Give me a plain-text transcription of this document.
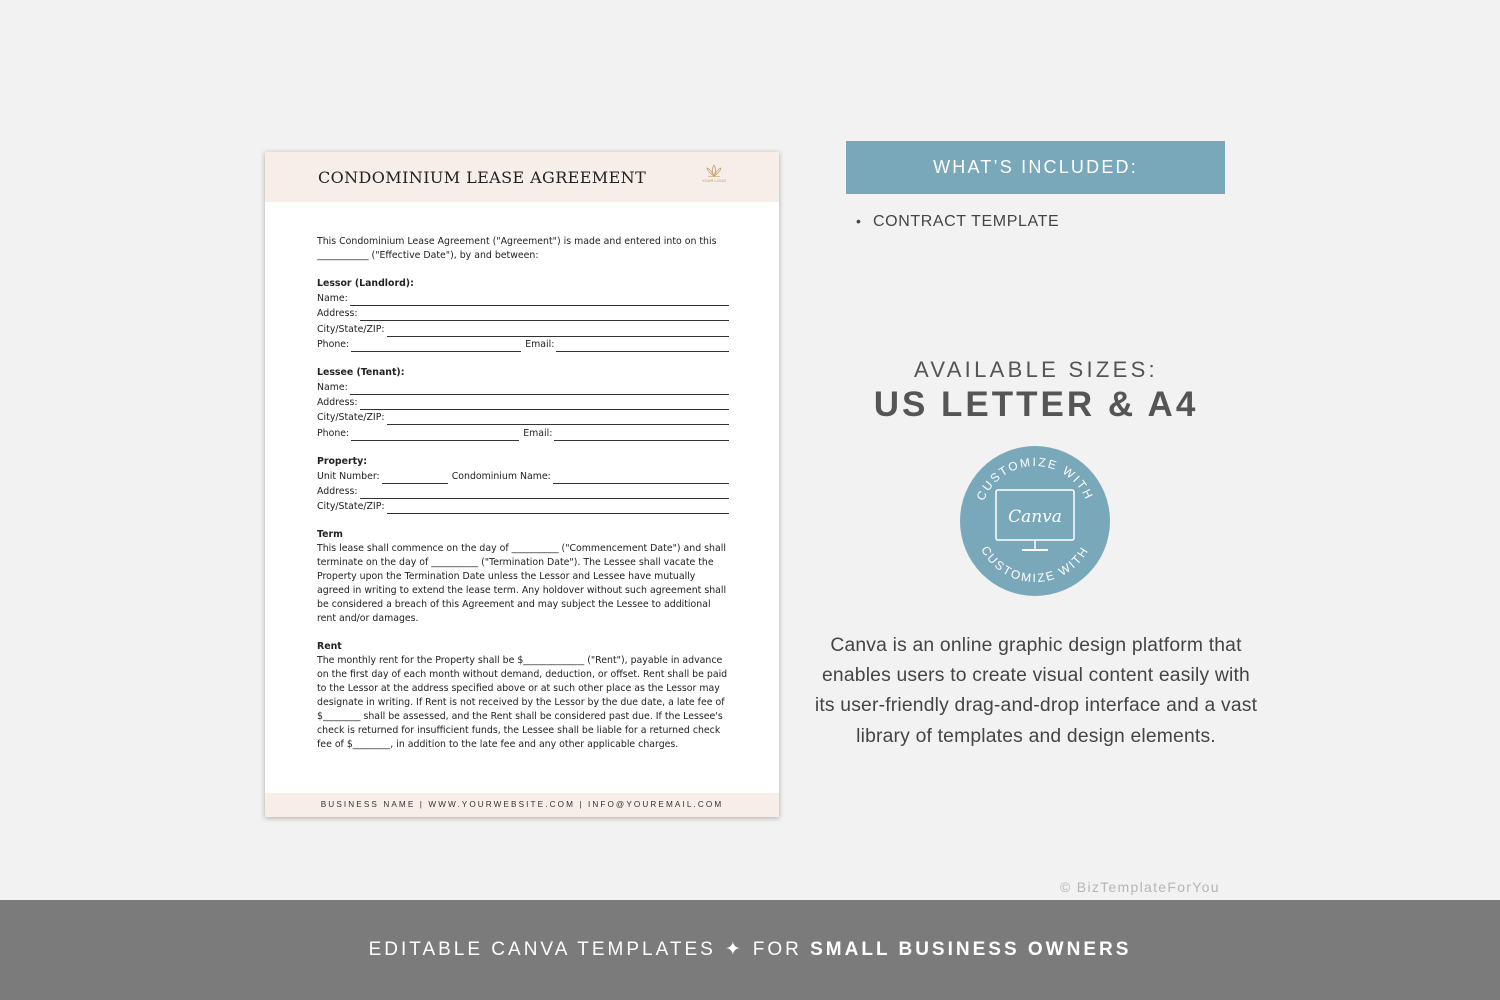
CONDOMINIUM LEASE AGREEMENT	YOUR LOGO

This Condominium Lease Agreement ("Agreement") is made and entered into on this

___________ ("Effective Date"), by and between:

Lessor (Landlord):

Name:
Address:
City/State/ZIP:
Phone:	Email:

Lessee (Tenant):

Name:
Address:
City/State/ZIP:
Phone:	Email:

Property:

Unit Number:	Condominium Name:
Address:
City/State/ZIP:

Term

This lease shall commence on the day of __________ ("Commencement Date") and shall

terminate on the day of __________ ("Termination Date"). The Lessee shall vacate the

Property upon the Termination Date unless the Lessor and Lessee have mutually

agreed in writing to extend the lease term. Any holdover without such agreement shall

be considered a breach of this Agreement and may subject the Lessee to additional

rent and/or damages.

Rent

The monthly rent for the Property shall be $_____________ ("Rent"), payable in advance

on the first day of each month without demand, deduction, or offset. Rent shall be paid

to the Lessor at the address specified above or at such other place as the Lessor may

designate in writing. If Rent is not received by the Lessor by the due date, a late fee of

$________ shall be assessed, and the Rent shall be considered past due. If the Lessee's

check is returned for insufficient funds, the Lessee shall be liable for a returned check

fee of $________, in addition to the late fee and any other applicable charges.

BUSINESS NAME | WWW.YOURWEBSITE.COM | INFO@YOUREMAIL.COM
WHAT’S INCLUDED:
• CONTRACT TEMPLATE
AVAILABLE SIZES:
US LETTER & A4
CUSTOMIZE WITH
CUSTOMIZE WITH
Canva

Canva is an online graphic design platform that enables users to create visual content easily with its user-friendly drag-and-drop interface and a vast library of templates and design elements.

© BizTemplateForYou
EDITABLE CANVA TEMPLATES ✦ FOR SMALL BUSINESS OWNERS
